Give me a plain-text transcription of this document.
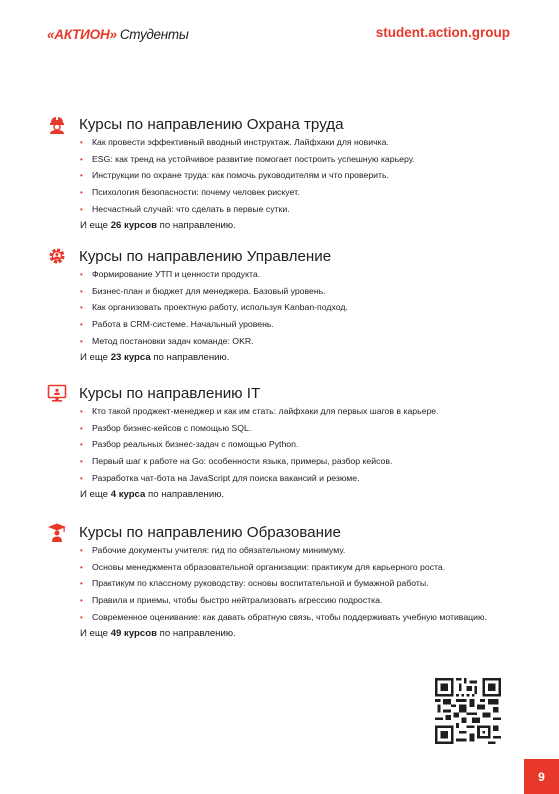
«АКТИОН» Студенты	student.action.group
Курсы по направлению Охрана труда
• Как провести эффективный вводный инструктаж. Лайфхаки для новичка.
• ESG: как тренд на устойчивое развитие помогает построить успешную карьеру.
• Инструкции по охране труда: как помочь руководителям и что проверить.
• Психология безопасности: почему человек рискует.
• Несчастный случай: что сделать в первые сутки.
И еще 26 курсов по направлению.
Курсы по направлению Управление
• Формирование УТП и ценности продукта.
• Бизнес-план и бюджет для менеджера. Базовый уровень.
• Как организовать проектную работу, используя Kanban-подход.
• Работа в CRM-системе. Начальный уровень.
• Метод постановки задач команде: OKR.
И еще 23 курса по направлению.
Курсы по направлению IT
• Кто такой проджект-менеджер и как им стать: лайфхаки для первых шагов в карьере.
• Разбор бизнес-кейсов с помощью SQL.
• Разбор реальных бизнес-задач с помощью Python.
• Первый шаг к работе на Go: особенности языка, примеры, разбор кейсов.
• Разработка чат-бота на JavaScript для поиска вакансий и резюме.
И еще 4 курса по направлению.
Курсы по направлению Образование
• Рабочие документы учителя: гид по обязательному минимуму.
• Основы менеджмента образовательной организации: практикум для карьерного роста.
• Практикум по классному руководству: основы воспитательной и бумажной работы.
• Правила и приемы, чтобы быстро нейтрализовать агрессию подростка.
• Современное оценивание: как давать обратную связь, чтобы поддерживать учебную мотивацию.
И еще 49 курсов по направлению.
9
